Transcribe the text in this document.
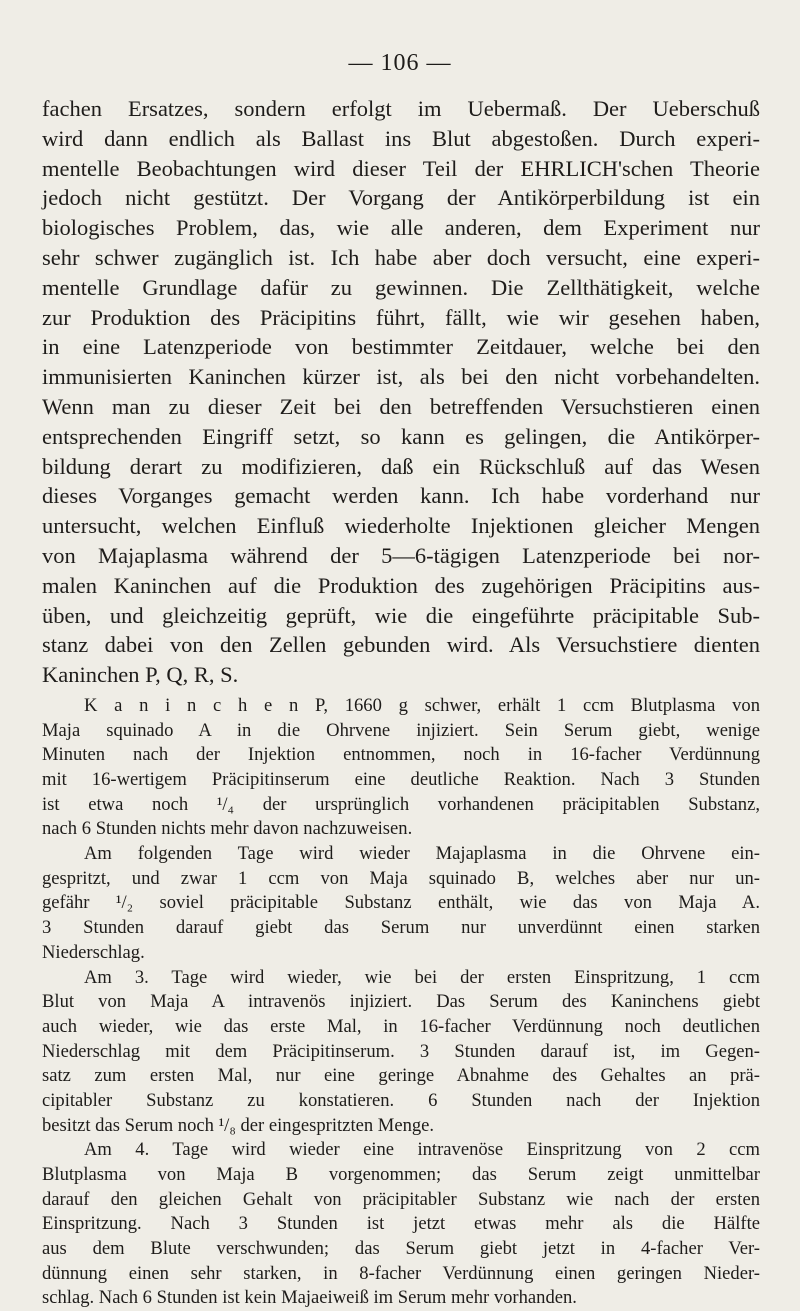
— 106 —
fachen Ersatzes, sondern erfolgt im Uebermaß. Der Ueberschuß
wird dann endlich als Ballast ins Blut abgestoßen. Durch experi-
mentelle Beobachtungen wird dieser Teil der EHRLICH'schen Theorie
jedoch nicht gestützt. Der Vorgang der Antikörperbildung ist ein
biologisches Problem, das, wie alle anderen, dem Experiment nur
sehr schwer zugänglich ist. Ich habe aber doch versucht, eine experi-
mentelle Grundlage dafür zu gewinnen. Die Zellthätigkeit, welche
zur Produktion des Präcipitins führt, fällt, wie wir gesehen haben,
in eine Latenzperiode von bestimmter Zeitdauer, welche bei den
immunisierten Kaninchen kürzer ist, als bei den nicht vorbehandelten.
Wenn man zu dieser Zeit bei den betreffenden Versuchstieren einen
entsprechenden Eingriff setzt, so kann es gelingen, die Antikörper-
bildung derart zu modifizieren, daß ein Rückschluß auf das Wesen
dieses Vorganges gemacht werden kann. Ich habe vorderhand nur
untersucht, welchen Einfluß wiederholte Injektionen gleicher Mengen
von Majaplasma während der 5—6-tägigen Latenzperiode bei nor-
malen Kaninchen auf die Produktion des zugehörigen Präcipitins aus-
üben, und gleichzeitig geprüft, wie die eingeführte präcipitable Sub-
stanz dabei von den Zellen gebunden wird. Als Versuchstiere dienten
Kaninchen P, Q, R, S.
K a n i n c h e n P, 1660 g schwer, erhält 1 ccm Blutplasma von
Maja squinado A in die Ohrvene injiziert. Sein Serum giebt, wenige
Minuten nach der Injektion entnommen, noch in 16-facher Verdünnung
mit 16-wertigem Präcipitinserum eine deutliche Reaktion. Nach 3 Stunden
ist etwa noch ¹/₄ der ursprünglich vorhandenen präcipitablen Substanz,
nach 6 Stunden nichts mehr davon nachzuweisen.
Am folgenden Tage wird wieder Majaplasma in die Ohrvene ein-
gespritzt, und zwar 1 ccm von Maja squinado B, welches aber nur un-
gefähr ¹/₂ soviel präcipitable Substanz enthält, wie das von Maja A.
3 Stunden darauf giebt das Serum nur unverdünnt einen starken
Niederschlag.
Am 3. Tage wird wieder, wie bei der ersten Einspritzung, 1 ccm
Blut von Maja A intravenös injiziert. Das Serum des Kaninchens giebt
auch wieder, wie das erste Mal, in 16-facher Verdünnung noch deutlichen
Niederschlag mit dem Präcipitinserum. 3 Stunden darauf ist, im Gegen-
satz zum ersten Mal, nur eine geringe Abnahme des Gehaltes an prä-
cipitabler Substanz zu konstatieren. 6 Stunden nach der Injektion
besitzt das Serum noch ¹/₈ der eingespritzten Menge.
Am 4. Tage wird wieder eine intravenöse Einspritzung von 2 ccm
Blutplasma von Maja B vorgenommen; das Serum zeigt unmittelbar
darauf den gleichen Gehalt von präcipitabler Substanz wie nach der ersten
Einspritzung. Nach 3 Stunden ist jetzt etwas mehr als die Hälfte
aus dem Blute verschwunden; das Serum giebt jetzt in 4-facher Ver-
dünnung einen sehr starken, in 8-facher Verdünnung einen geringen Nieder-
schlag. Nach 6 Stunden ist kein Majaeiweiß im Serum mehr vorhanden.
